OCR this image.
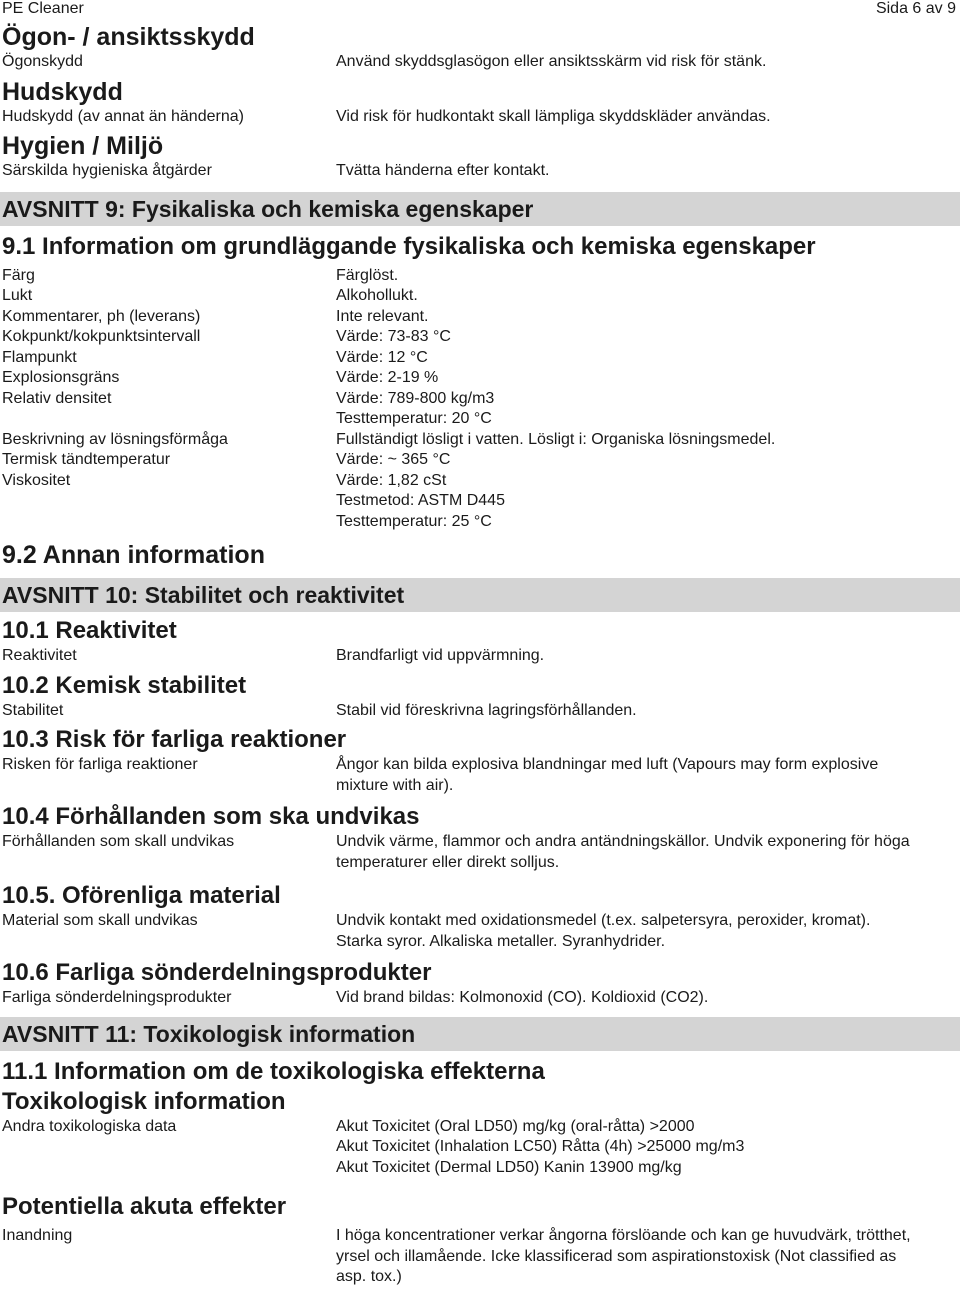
PE Cleaner	Sida 6 av 9
Ögon- / ansiktsskydd
Ögonskydd	Använd skyddsglasögon eller ansiktsskärm vid risk för stänk.
Hudskydd
Hudskydd (av annat än händerna)	Vid risk för hudkontakt skall lämpliga skyddskläder användas.
Hygien / Miljö
Särskilda hygieniska åtgärder	Tvätta händerna efter kontakt.
AVSNITT 9: Fysikaliska och kemiska egenskaper
9.1 Information om grundläggande fysikaliska och kemiska egenskaper
Färg	Färglöst.
Lukt	Alkohollukt.
Kommentarer, ph (leverans)	Inte relevant.
Kokpunkt/kokpunktsintervall	Värde: 73-83 °C
Flampunkt	Värde: 12 °C
Explosionsgräns	Värde: 2-19 %
Relativ densitet	Värde: 789-800 kg/m3
Testtemperatur: 20 °C
Beskrivning av lösningsförmåga	Fullständigt lösligt i vatten. Lösligt i: Organiska lösningsmedel.
Termisk tändtemperatur	Värde: ~ 365 °C
Viskositet	Värde: 1,82 cSt
Testmetod: ASTM D445
Testtemperatur: 25 °C
9.2 Annan information
AVSNITT 10: Stabilitet och reaktivitet
10.1 Reaktivitet
Reaktivitet	Brandfarligt vid uppvärmning.
10.2 Kemisk stabilitet
Stabilitet	Stabil vid föreskrivna lagringsförhållanden.
10.3 Risk för farliga reaktioner
Risken för farliga reaktioner	Ångor kan bilda explosiva blandningar med luft (Vapours may form explosive mixture with air).
10.4 Förhållanden som ska undvikas
Förhållanden som skall undvikas	Undvik värme, flammor och andra antändningskällor. Undvik exponering för höga temperaturer eller direkt solljus.
10.5. Oförenliga material
Material som skall undvikas	Undvik kontakt med oxidationsmedel (t.ex. salpetersyra, peroxider, kromat). Starka syror. Alkaliska metaller. Syranhydrider.
10.6 Farliga sönderdelningsprodukter
Farliga sönderdelningsprodukter	Vid brand bildas: Kolmonoxid (CO). Koldioxid (CO2).
AVSNITT 11: Toxikologisk information
11.1 Information om de toxikologiska effekterna
Toxikologisk information
Andra toxikologiska data	Akut Toxicitet (Oral LD50) mg/kg (oral-råtta) >2000
Akut Toxicitet (Inhalation LC50) Råtta (4h) >25000 mg/m3
Akut Toxicitet (Dermal LD50) Kanin 13900 mg/kg
Potentiella akuta effekter
Inandning	I höga koncentrationer verkar ångorna förslöande och kan ge huvudvärk, trötthet, yrsel och illamående. Icke klassificerad som aspirationstoxisk (Not classified as asp. tox.)
